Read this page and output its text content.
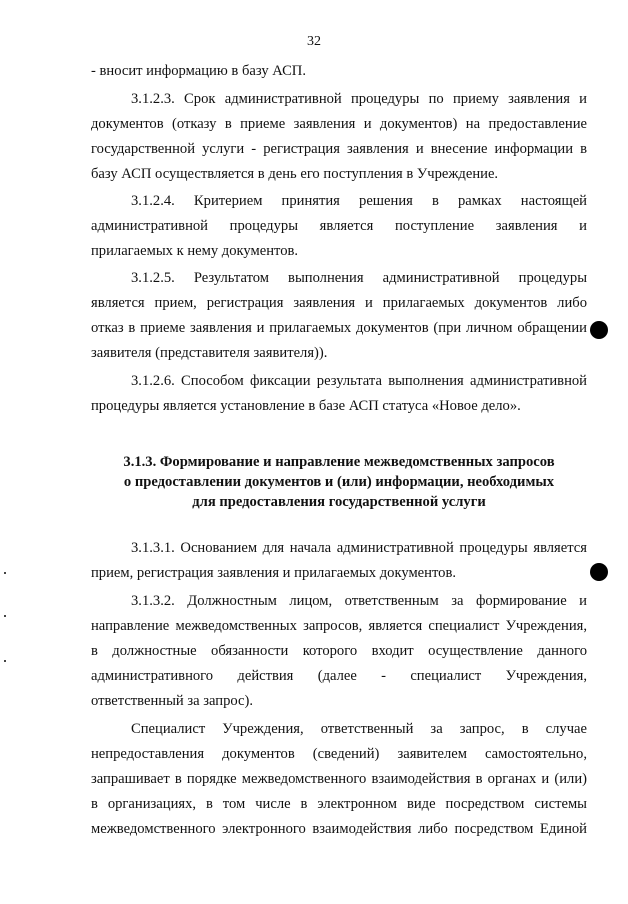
32
- вносит информацию в базу АСП.
3.1.2.3. Срок административной процедуры по приему заявления и
документов (отказу в приеме заявления и документов) на предоставление
государственной услуги - регистрация заявления и внесение информации в
базу АСП осуществляется в день его поступления в Учреждение.
3.1.2.4. Критерием принятия решения в рамках настоящей
административной процедуры является поступление заявления и
прилагаемых к нему документов.
3.1.2.5. Результатом выполнения административной процедуры
является прием, регистрация заявления и прилагаемых документов либо
отказ в приеме заявления и прилагаемых документов (при личном обращении
заявителя (представителя заявителя)).
3.1.2.6. Способом фиксации результата выполнения административной
процедуры является установление в базе АСП статуса «Новое дело».
3.1.3. Формирование и направление межведомственных запросов
о предоставлении документов и (или) информации, необходимых
для предоставления государственной услуги
3.1.3.1. Основанием для начала административной процедуры является
прием, регистрация заявления и прилагаемых документов.
3.1.3.2. Должностным лицом, ответственным за формирование и
направление межведомственных запросов, является специалист Учреждения,
в должностные обязанности которого входит осуществление данного
административного действия (далее - специалист Учреждения,
ответственный за запрос).
Специалист Учреждения, ответственный за запрос, в случае
непредоставления документов (сведений) заявителем самостоятельно,
запрашивает в порядке межведомственного взаимодействия в органах и (или)
в организациях, в том числе в электронном виде посредством системы
межведомственного электронного взаимодействия либо посредством Единой
